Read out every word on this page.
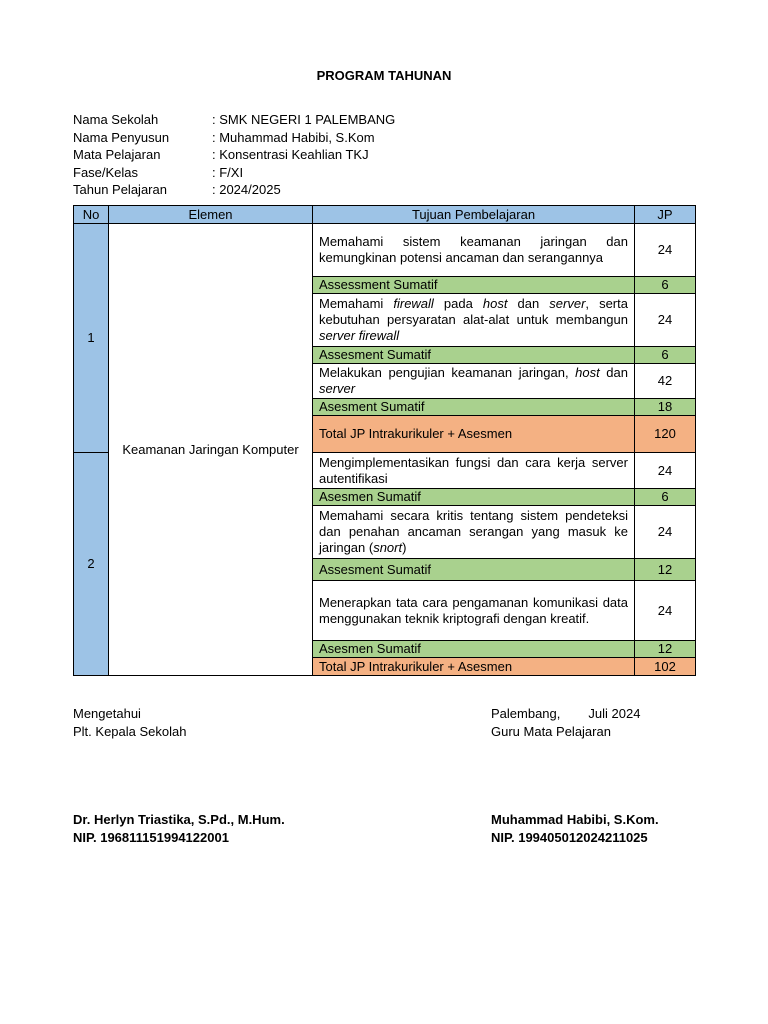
PROGRAM TAHUNAN
Nama Sekolah	: SMK NEGERI 1 PALEMBANG
Nama Penyusun	: Muhammad Habibi, S.Kom
Mata Pelajaran	: Konsentrasi Keahlian TKJ
Fase/Kelas	: F/XI
Tahun Pelajaran	: 2024/2025
No	Elemen	Tujuan Pembelajaran	JP
1	Keamanan Jaringan Komputer	Memahami sistem keamanan jaringan dan kemungkinan potensi ancaman dan serangannya	24
		Assessment Sumatif	6
		Memahami firewall pada host dan server, serta kebutuhan persyaratan alat-alat untuk membangun server firewall	24
		Assesment Sumatif	6
		Melakukan pengujian keamanan jaringan, host dan server	42
		Asesment Sumatif	18
		Total JP Intrakurikuler + Asesmen	120
2		Mengimplementasikan fungsi dan cara kerja server autentifikasi	24
		Asesmen Sumatif	6
		Memahami secara kritis tentang sistem pendeteksi dan penahan ancaman serangan yang masuk ke jaringan (snort)	24
		Assesment Sumatif	12
		Menerapkan tata cara pengamanan komunikasi data menggunakan teknik kriptografi dengan kreatif.	24
		Asesmen Sumatif	12
		Total JP Intrakurikuler + Asesmen	102
Mengetahui
Plt. Kepala Sekolah
Dr. Herlyn Triastika, S.Pd., M.Hum.
NIP. 196811151994122001
Palembang, Juli 2024
Guru Mata Pelajaran
Muhammad Habibi, S.Kom.
NIP. 199405012024211025
